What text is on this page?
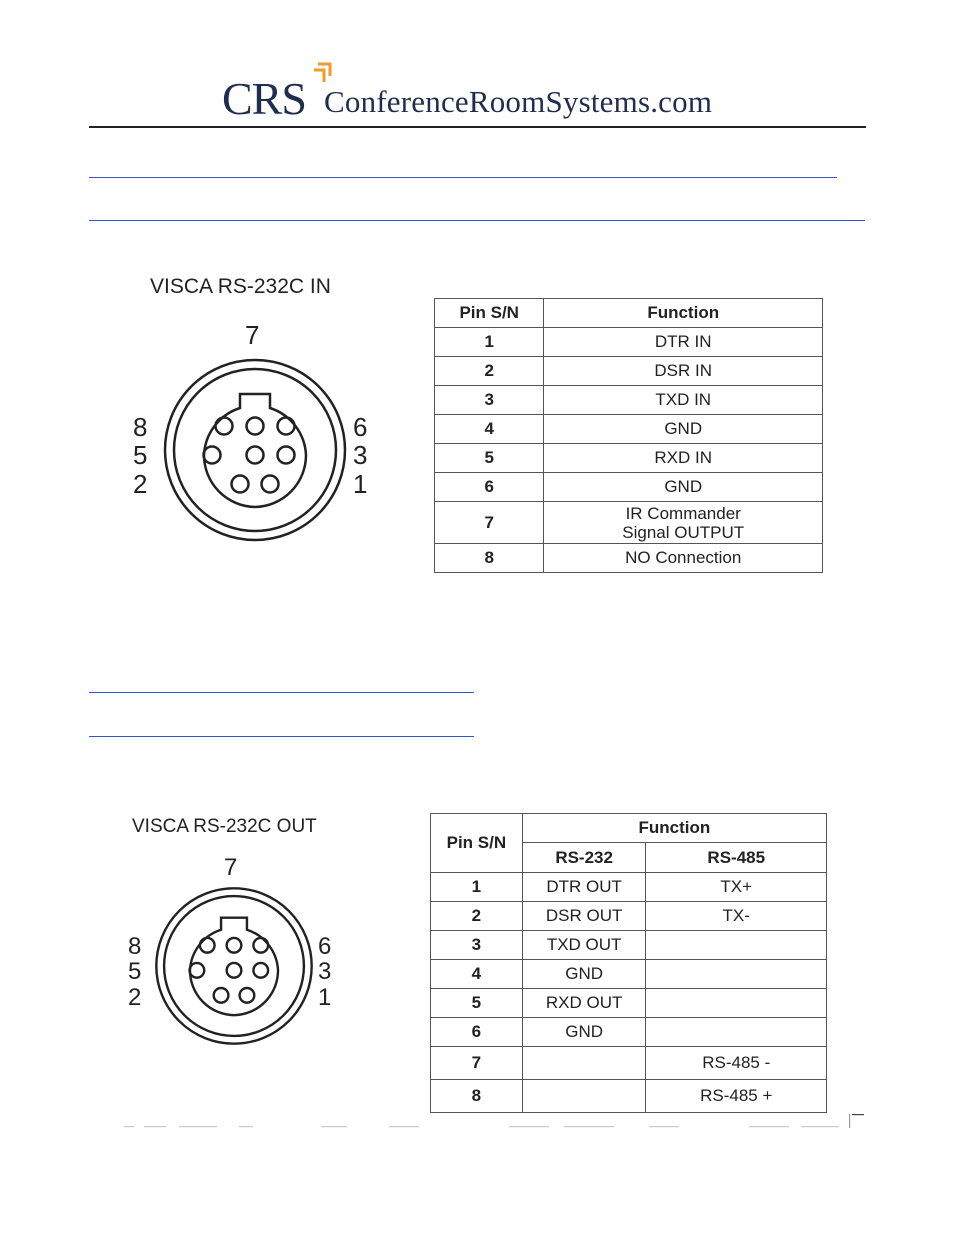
CRS ConferenceRoomSystems.com
VISCA RS-232C IN
7
8
5
2
6
3
1
Pin S/N	Function
1	DTR IN
2	DSR IN
3	TXD IN
4	GND
5	RXD IN
6	GND
7	IR Commander Signal OUTPUT
8	NO Connection
VISCA RS-232C OUT
7
8
5
2
6
3
1
Pin S/N	Function	
	RS-232	RS-485
1	DTR OUT	TX+
2	DSR OUT	TX-
3	TXD OUT	
4	GND	
5	RXD OUT	
6	GND	
7		RS-485 -
8		RS-485 +
